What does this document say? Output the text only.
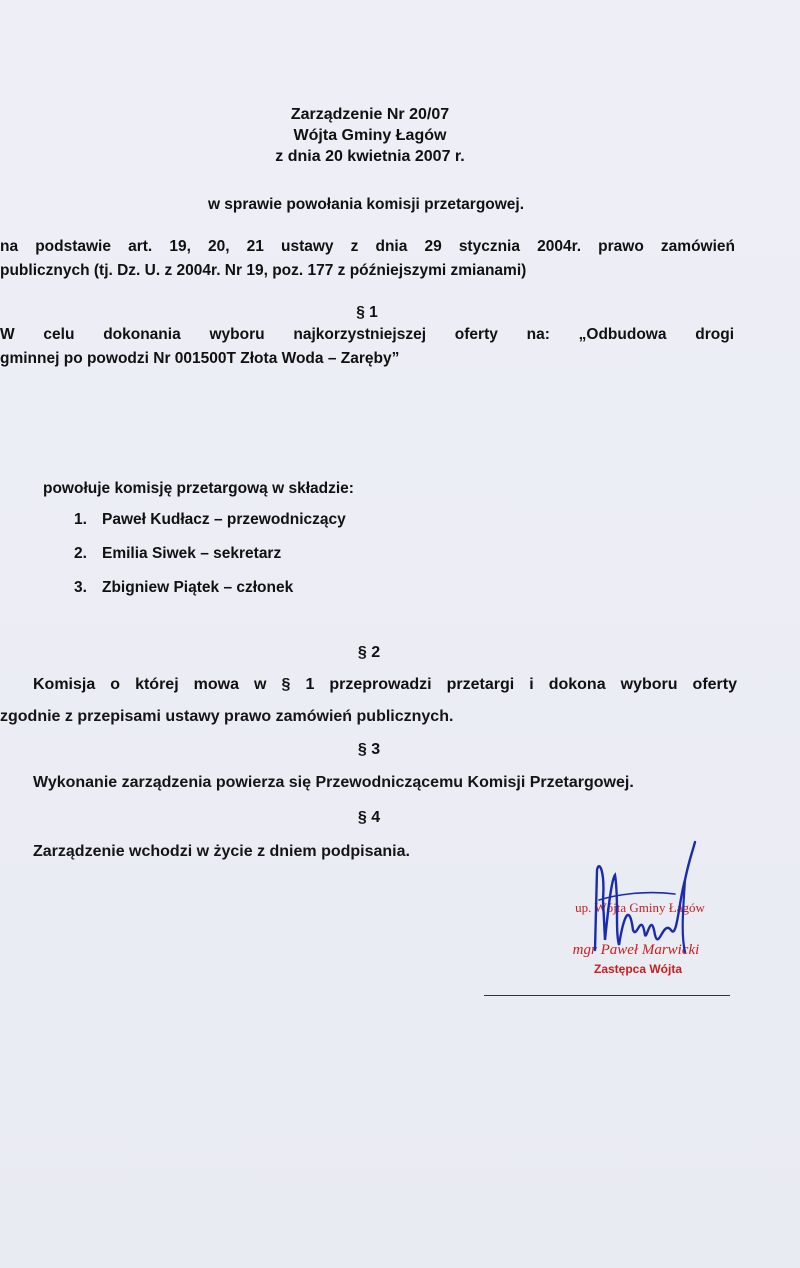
Zarządzenie Nr 20/07
Wójta Gminy Łagów
z dnia 20 kwietnia 2007 r.
w sprawie powołania komisji przetargowej.
na podstawie art. 19, 20, 21 ustawy z dnia 29 stycznia 2004r. prawo zamówień
publicznych (tj. Dz. U. z 2004r. Nr 19, poz. 177 z późniejszymi zmianami)
§ 1
W celu dokonania wyboru najkorzystniejszej oferty na: „Odbudowa drogi
gminnej po powodzi Nr 001500T Złota Woda – Zaręby”
powołuje komisję przetargową w składzie:
1. Paweł Kudłacz – przewodniczący
2. Emilia Siwek – sekretarz
3. Zbigniew Piątek – członek
§ 2
Komisja o której mowa w § 1 przeprowadzi przetargi i dokona wyboru oferty
zgodnie z przepisami ustawy prawo zamówień publicznych.
§ 3
Wykonanie zarządzenia powierza się Przewodniczącemu Komisji Przetargowej.
§ 4
Zarządzenie wchodzi w życie z dniem podpisania.
up. Wójta Gminy Łagów
mgr Paweł Marwicki
Zastępca Wójta
